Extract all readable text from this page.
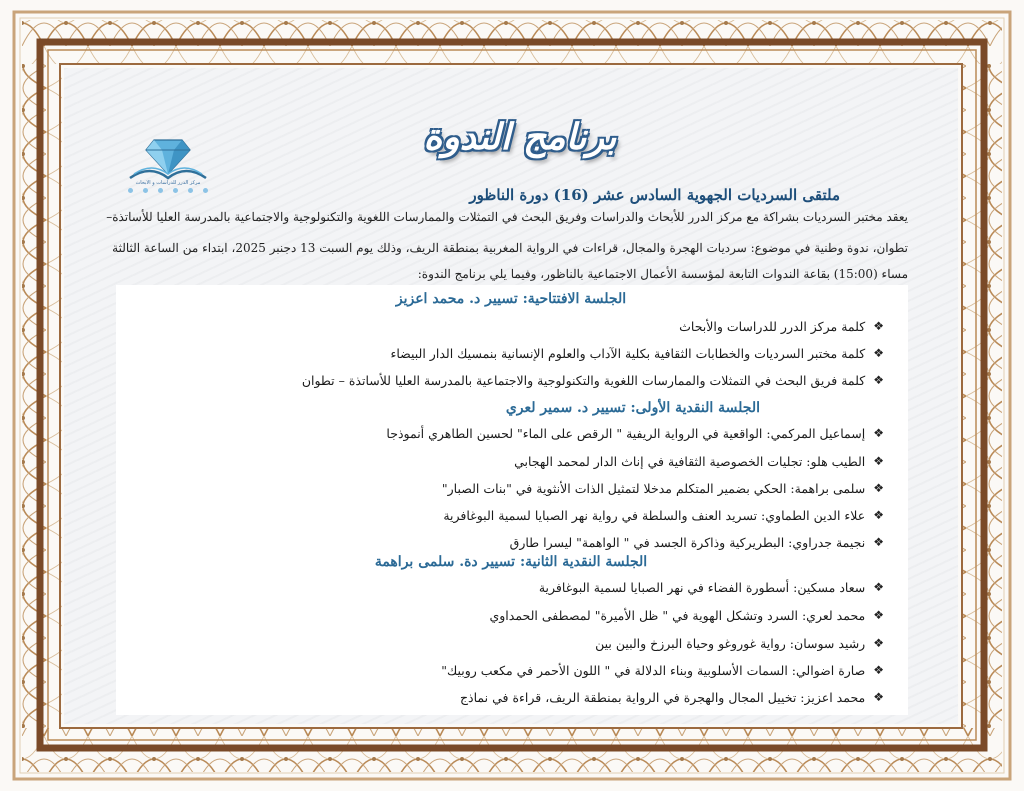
مركز الدرر للدراسات و الأبحاث
برنامج الندوة
ملتقى السرديات الجهوية السادس عشر (16) دورة الناظور
يعقد مختبر السرديات بشراكة مع مركز الدرر للأبحاث والدراسات وفريق البحث في التمثلات والممارسات اللغوية والتكنولوجية والاجتماعية بالمدرسة العليا للأساتذة–
تطوان، ندوة وطنية في موضوع: سرديات الهجرة والمجال، قراءات في الرواية المغربية بمنطقة الريف، وذلك يوم السبت 13 دجنبر 2025، ابتداء من الساعة الثالثة
مساء (15:00) بقاعة الندوات التابعة لمؤسسة الأعمال الاجتماعية بالناظور، وفيما يلي برنامج الندوة:
الجلسة الافتتاحية: تسيير د. محمد اعزيز
❖
كلمة مركز الدرر للدراسات والأبحاث
❖
كلمة مختبر السرديات والخطابات الثقافية بكلية الآداب والعلوم الإنسانية بنمسيك الدار البيضاء
❖
كلمة فريق البحث في التمثلات والممارسات اللغوية والتكنولوجية والاجتماعية بالمدرسة العليا للأساتذة – تطوان
الجلسة النقدية الأولى: تسيير د. سمير لعري
❖
إسماعيل المركمي: الواقعية في الرواية الريفية " الرقص على الماء" لحسين الطاهري أنموذجا
❖
الطيب هلو: تجليات الخصوصية الثقافية في إناث الدار لمحمد الهجابي
❖
سلمى براهمة: الحكي بضمير المتكلم مدخلا لتمثيل الذات الأنثوية في "بنات الصبار"
❖
علاء الدين الطماوي: تسريد العنف والسلطة في رواية نهر الصبايا لسمية البوغافرية
❖
نجيمة جدراوي: البطريركية وذاكرة الجسد في " الواهمة" ليسرا طارق
الجلسة النقدية الثانية: تسيير دة. سلمى براهمة
❖
سعاد مسكين: أسطورة الفضاء في نهر الصبايا لسمية البوغافرية
❖
محمد لعري: السرد وتشكل الهوية في " ظل الأميرة" لمصطفى الحمداوي
❖
رشيد سوسان: رواية غوروغو وحياة البرزخ والبين بين
❖
صارة اضوالي: السمات الأسلوبية وبناء الدلالة في " اللون الأحمر في مكعب روبيك"
❖
محمد اعزيز: تخييل المجال والهجرة في الرواية بمنطقة الريف، قراءة في نماذج
